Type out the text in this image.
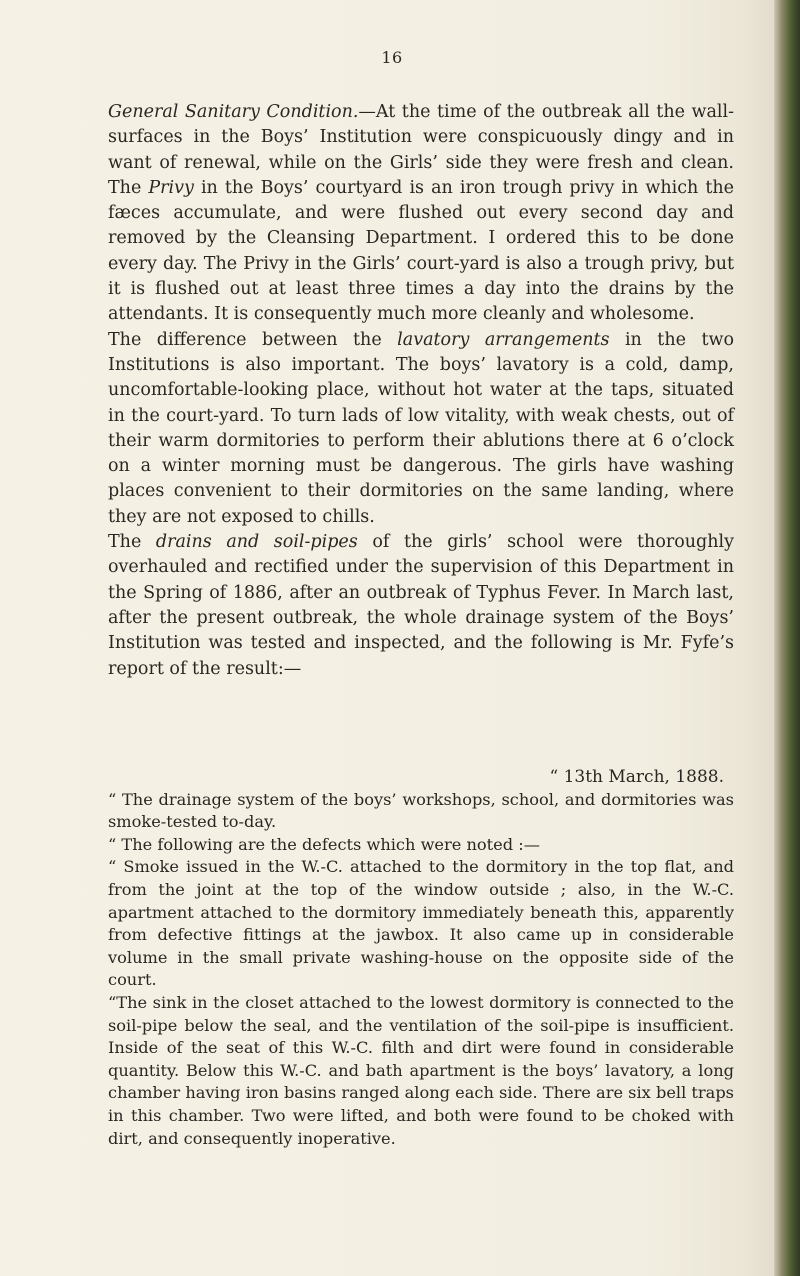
16

General Sanitary Condition.—At the time of the outbreak all the wall-surfaces in the Boys’ Institution were conspicuously dingy and in want of renewal, while on the Girls’ side they were fresh and clean. The Privy in the Boys’ courtyard is an iron trough privy in which the fæces accumulate, and were flushed out every second day and removed by the Cleansing Department. I ordered this to be done every day. The Privy in the Girls’ court-yard is also a trough privy, but it is flushed out at least three times a day into the drains by the attendants. It is consequently much more cleanly and wholesome.

The difference between the lavatory arrangements in the two Institutions is also important. The boys’ lavatory is a cold, damp, uncomfortable-looking place, without hot water at the taps, situated in the court-yard. To turn lads of low vitality, with weak chests, out of their warm dormitories to perform their ablutions there at 6 o’clock on a winter morning must be dangerous. The girls have washing places convenient to their dormitories on the same landing, where they are not exposed to chills.

The drains and soil-pipes of the girls’ school were thoroughly overhauled and rectified under the supervision of this Department in the Spring of 1886, after an outbreak of Typhus Fever. In March last, after the present outbreak, the whole drainage system of the Boys’ Institution was tested and inspected, and the following is Mr. Fyfe’s report of the result:—

“ 13th March, 1888.

“ The drainage system of the boys’ workshops, school, and dormitories was smoke-tested to-day.

“ The following are the defects which were noted :—

“ Smoke issued in the W.-C. attached to the dormitory in the top flat, and from the joint at the top of the window outside ; also, in the W.-C. apartment attached to the dormitory immediately beneath this, apparently from defective fittings at the jawbox. It also came up in considerable volume in the small private washing-house on the opposite side of the court.

“The sink in the closet attached to the lowest dormitory is connected to the soil-pipe below the seal, and the ventilation of the soil-pipe is insufficient. Inside of the seat of this W.-C. filth and dirt were found in considerable quantity. Below this W.-C. and bath apartment is the boys’ lavatory, a long chamber having iron basins ranged along each side. There are six bell traps in this chamber. Two were lifted, and both were found to be choked with dirt, and consequently inoperative.
